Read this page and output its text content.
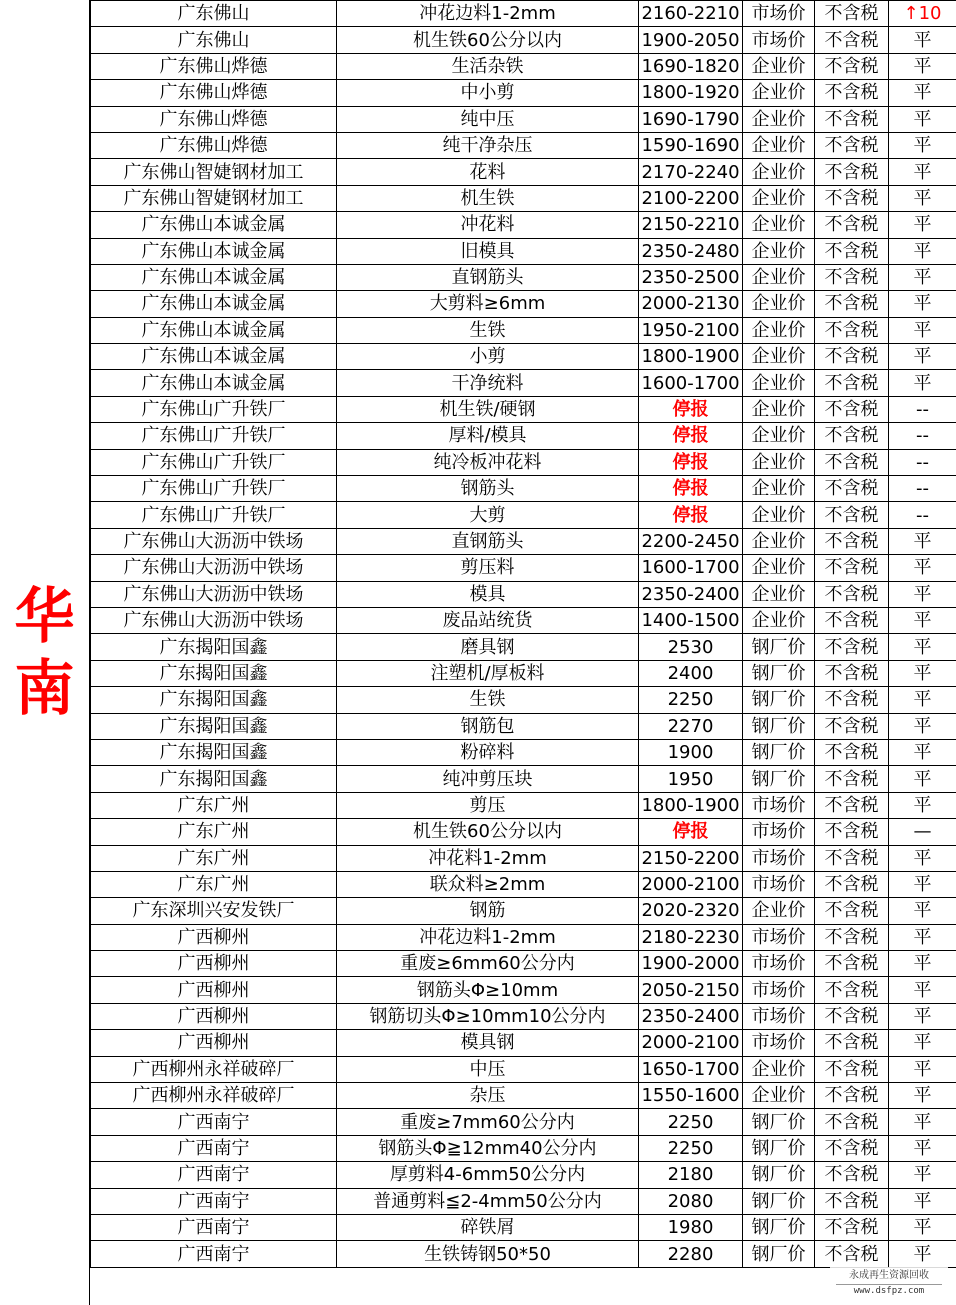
华
南
广东佛山	冲花边料1-2mm	2160-2210	市场价	不含税	↑10
广东佛山	机生铁60公分以内	1900-2050	市场价	不含税	平
广东佛山烨德	生活杂铁	1690-1820	企业价	不含税	平
广东佛山烨德	中小剪	1800-1920	企业价	不含税	平
广东佛山烨德	纯中压	1690-1790	企业价	不含税	平
广东佛山烨德	纯干净杂压	1590-1690	企业价	不含税	平
广东佛山智婕钢材加工	花料	2170-2240	企业价	不含税	平
广东佛山智婕钢材加工	机生铁	2100-2200	企业价	不含税	平
广东佛山本诚金属	冲花料	2150-2210	企业价	不含税	平
广东佛山本诚金属	旧模具	2350-2480	企业价	不含税	平
广东佛山本诚金属	直钢筋头	2350-2500	企业价	不含税	平
广东佛山本诚金属	大剪料≥6mm	2000-2130	企业价	不含税	平
广东佛山本诚金属	生铁	1950-2100	企业价	不含税	平
广东佛山本诚金属	小剪	1800-1900	企业价	不含税	平
广东佛山本诚金属	干净统料	1600-1700	企业价	不含税	平
广东佛山广升铁厂	机生铁/硬钢	停报	企业价	不含税	--
广东佛山广升铁厂	厚料/模具	停报	企业价	不含税	--
广东佛山广升铁厂	纯冷板冲花料	停报	企业价	不含税	--
广东佛山广升铁厂	钢筋头	停报	企业价	不含税	--
广东佛山广升铁厂	大剪	停报	企业价	不含税	--
广东佛山大沥沥中铁场	直钢筋头	2200-2450	企业价	不含税	平
广东佛山大沥沥中铁场	剪压料	1600-1700	企业价	不含税	平
广东佛山大沥沥中铁场	模具	2350-2400	企业价	不含税	平
广东佛山大沥沥中铁场	废品站统货	1400-1500	企业价	不含税	平
广东揭阳国鑫	磨具钢	2530	钢厂价	不含税	平
广东揭阳国鑫	注塑机/厚板料	2400	钢厂价	不含税	平
广东揭阳国鑫	生铁	2250	钢厂价	不含税	平
广东揭阳国鑫	钢筋包	2270	钢厂价	不含税	平
广东揭阳国鑫	粉碎料	1900	钢厂价	不含税	平
广东揭阳国鑫	纯冲剪压块	1950	钢厂价	不含税	平
广东广州	剪压	1800-1900	市场价	不含税	平
广东广州	机生铁60公分以内	停报	市场价	不含税	—
广东广州	冲花料1-2mm	2150-2200	市场价	不含税	平
广东广州	联众料≥2mm	2000-2100	市场价	不含税	平
广东深圳兴安发铁厂	钢筋	2020-2320	企业价	不含税	平
广西柳州	冲花边料1-2mm	2180-2230	市场价	不含税	平
广西柳州	重废≥6mm60公分内	1900-2000	市场价	不含税	平
广西柳州	钢筋头Φ≥10mm	2050-2150	市场价	不含税	平
广西柳州	钢筋切头Φ≥10mm10公分内	2350-2400	市场价	不含税	平
广西柳州	模具钢	2000-2100	市场价	不含税	平
广西柳州永祥破碎厂	中压	1650-1700	企业价	不含税	平
广西柳州永祥破碎厂	杂压	1550-1600	企业价	不含税	平
广西南宁	重废≥7mm60公分内	2250	钢厂价	不含税	平
广西南宁	钢筋头Φ≧12mm40公分内	2250	钢厂价	不含税	平
广西南宁	厚剪料4-6mm50公分内	2180	钢厂价	不含税	平
广西南宁	普通剪料≦2-4mm50公分内	2080	钢厂价	不含税	平
广西南宁	碎铁屑	1980	钢厂价	不含税	平
广西南宁	生铁铸钢50*50	2280	钢厂价	不含税	平
永成再生资源回收
www.dsfpz.com
